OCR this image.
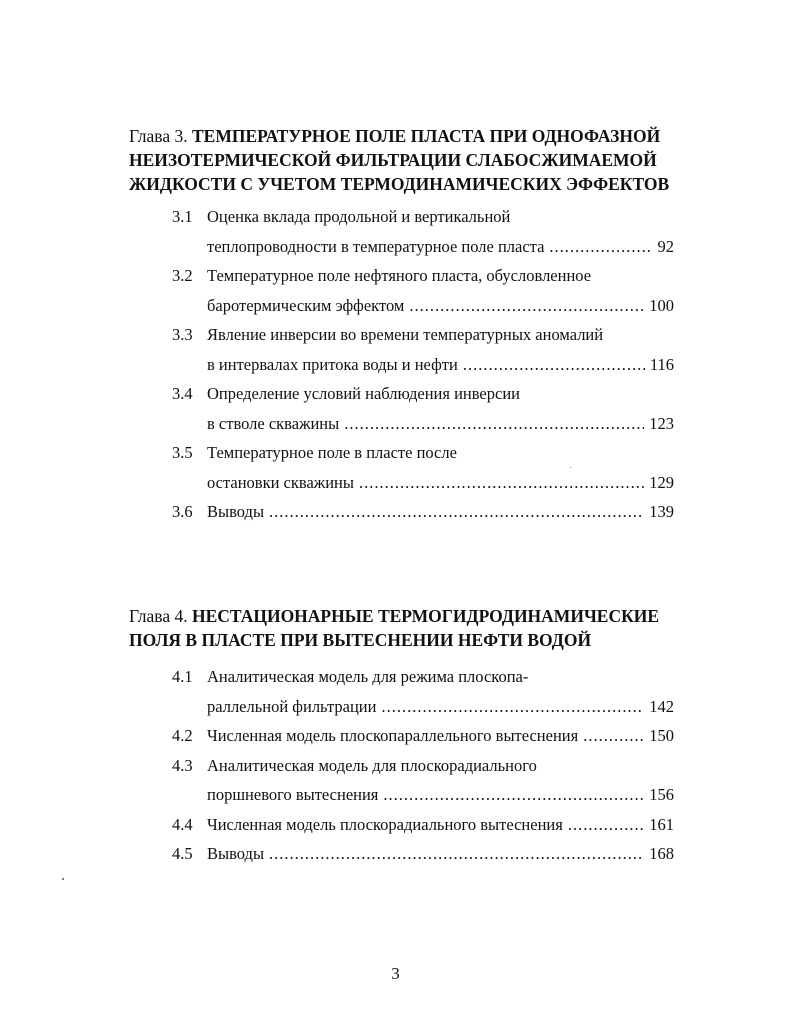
Глава 3. ТЕМПЕРАТУРНОЕ ПОЛЕ ПЛАСТА ПРИ ОДНОФАЗНОЙ НЕИЗОТЕРМИЧЕСКОЙ ФИЛЬТРАЦИИ СЛАБОСЖИМАЕМОЙ ЖИДКОСТИ С УЧЕТОМ ТЕРМОДИНАМИЧЕСКИХ ЭФФЕКТОВ
3.1 Оценка вклада продольной и вертикальной
теплопроводности в температурное поле пласта .....	92
3.2 Температурное поле нефтяного пласта, обусловленное
баротермическим эффектом .....	100
3.3 Явление инверсии во времени температурных аномалий
в интервалах притока воды и нефти .....	116
3.4 Определение условий наблюдения инверсии
в стволе скважины .....	123
3.5 Температурное поле в пласте после
остановки скважины .....	129
3.6 Выводы .....	139
Глава 4. НЕСТАЦИОНАРНЫЕ ТЕРМОГИДРОДИНАМИЧЕСКИЕ ПОЛЯ В ПЛАСТЕ ПРИ ВЫТЕСНЕНИИ НЕФТИ ВОДОЙ
4.1 Аналитическая модель для режима плоскопа-
раллельной фильтрации .....	142
4.2 Численная модель плоскопараллельного вытеснения .....	150
4.3 Аналитическая модель для плоскорадиального
поршневого вытеснения .....	156
4.4 Численная модель плоскорадиального вытеснения .....	161
4.5 Выводы .....	168
3
